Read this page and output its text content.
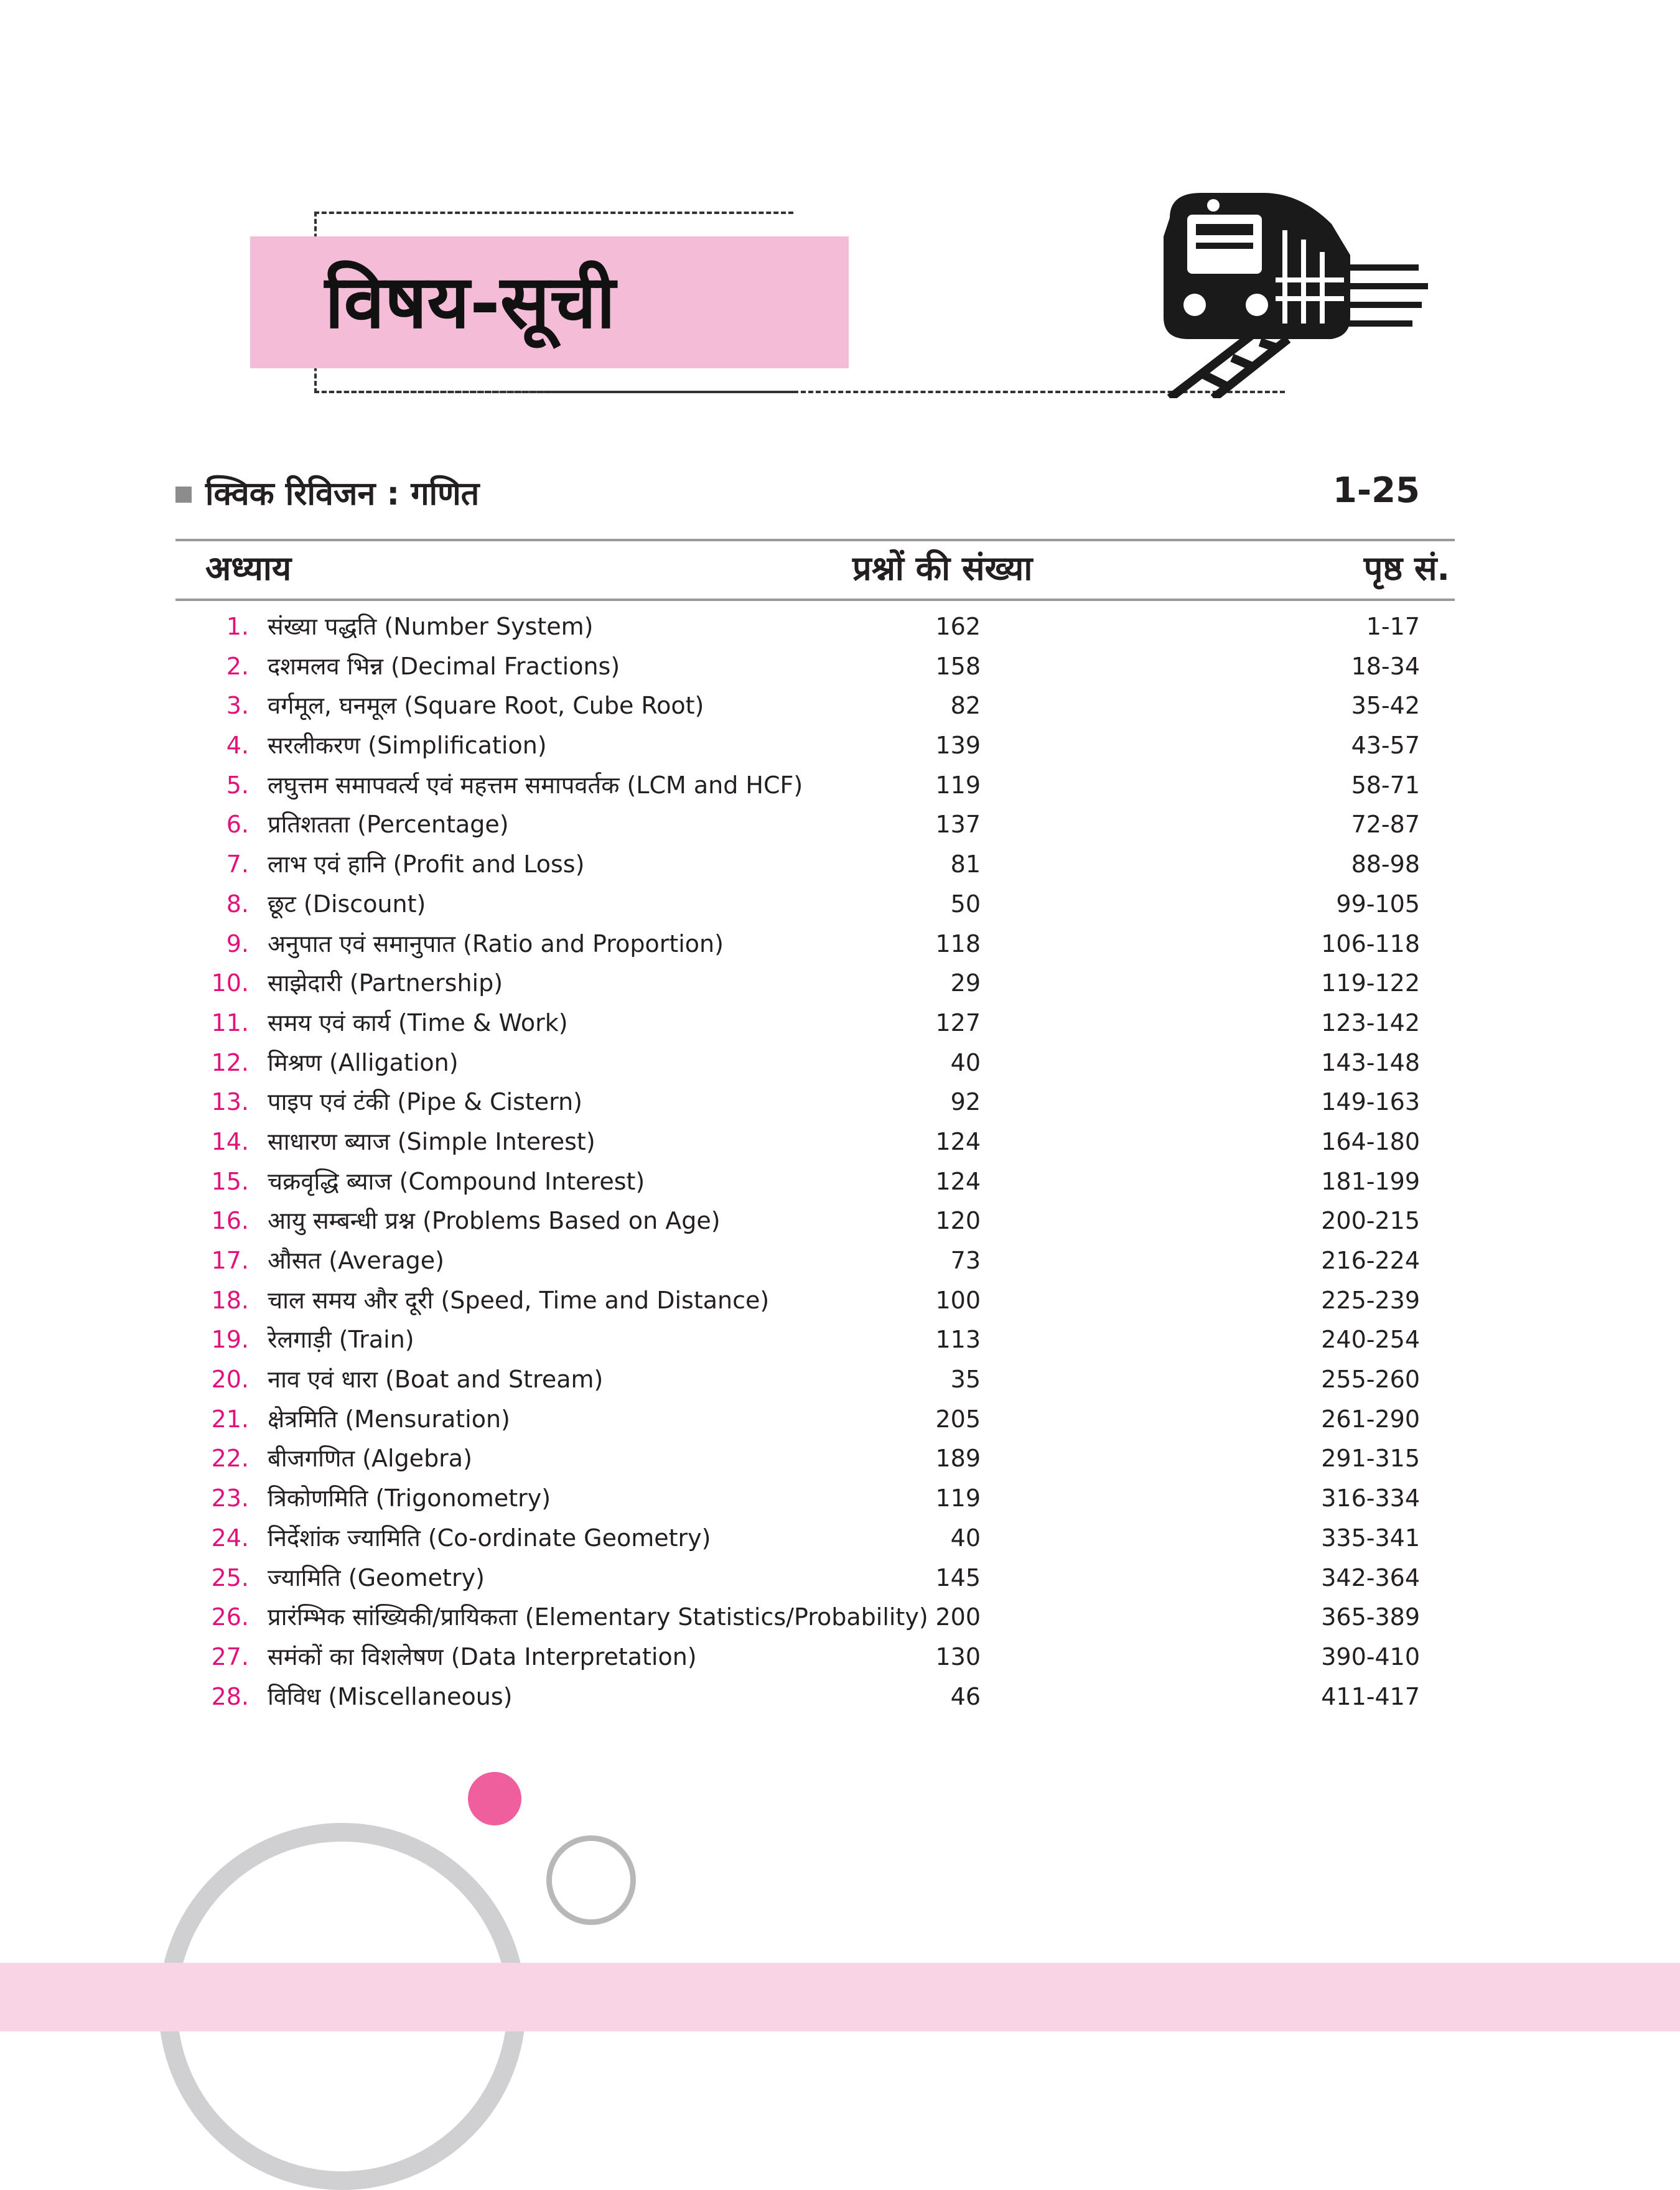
विषय-सूची
क्विक रिविजन : गणित	1-25
अध्याय	प्रश्नों की संख्या	पृष्ठ सं.
1. संख्या पद्धति (Number System)	162	1-17
2. दशमलव भिन्न (Decimal Fractions)	158	18-34
3. वर्गमूल, घनमूल (Square Root, Cube Root)	82	35-42
4. सरलीकरण (Simplification)	139	43-57
5. लघुत्तम समापवर्त्य एवं महत्तम समापवर्तक (LCM and HCF)	119	58-71
6. प्रतिशतता (Percentage)	137	72-87
7. लाभ एवं हानि (Profit and Loss)	81	88-98
8. छूट (Discount)	50	99-105
9. अनुपात एवं समानुपात (Ratio and Proportion)	118	106-118
10. साझेदारी (Partnership)	29	119-122
11. समय एवं कार्य (Time & Work)	127	123-142
12. मिश्रण (Alligation)	40	143-148
13. पाइप एवं टंकी (Pipe & Cistern)	92	149-163
14. साधारण ब्याज (Simple Interest)	124	164-180
15. चक्रवृद्धि ब्याज (Compound Interest)	124	181-199
16. आयु सम्बन्धी प्रश्न (Problems Based on Age)	120	200-215
17. औसत (Average)	73	216-224
18. चाल समय और दूरी (Speed, Time and Distance)	100	225-239
19. रेलगाड़ी (Train)	113	240-254
20. नाव एवं धारा (Boat and Stream)	35	255-260
21. क्षेत्रमिति (Mensuration)	205	261-290
22. बीजगणित (Algebra)	189	291-315
23. त्रिकोणमिति (Trigonometry)	119	316-334
24. निर्देशांक ज्यामिति (Co-ordinate Geometry)	40	335-341
25. ज्यामिति (Geometry)	145	342-364
26. प्रारंम्भिक सांख्यिकी/प्रायिकता (Elementary Statistics/Probability) 200	365-389
27. समंकों का विशलेषण (Data Interpretation)	130	390-410
28. विविध (Miscellaneous)	46	411-417
